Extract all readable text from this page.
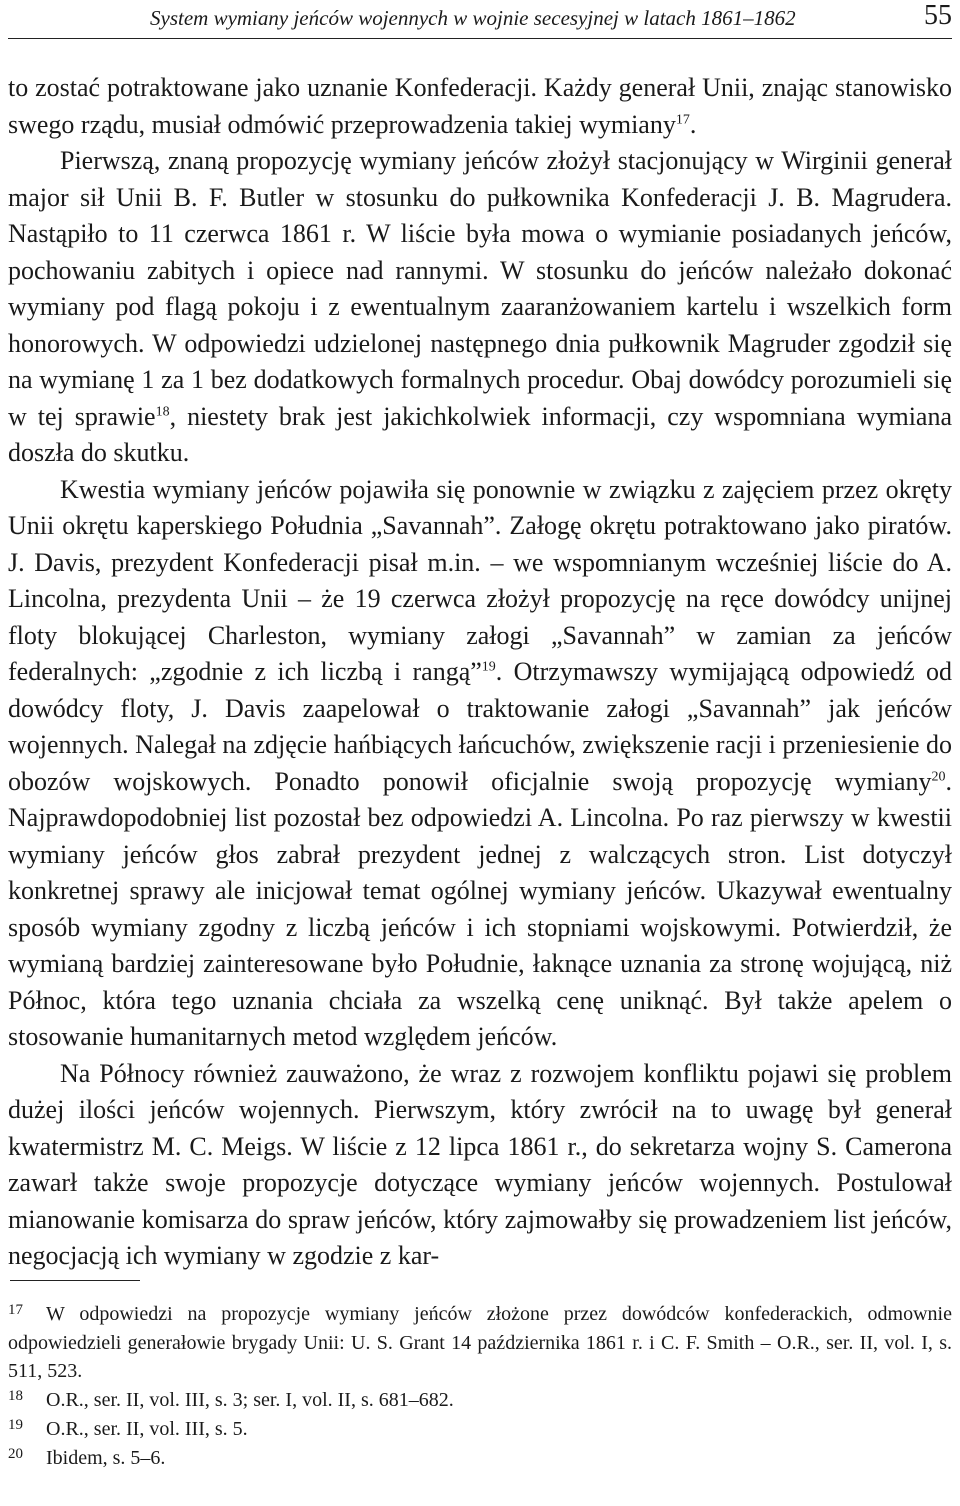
System wymiany jeńców wojennych w wojnie secesyjnej w latach 1861–1862	55

to zostać potraktowane jako uznanie Konfederacji. Każdy generał Unii, znając stanowisko swego rządu, musiał odmówić przeprowadzenia takiej wymiany$^{17}$.

Pierwszą, znaną propozycję wymiany jeńców złożył stacjonujący w Wirginii generał major sił Unii B. F. Butler w stosunku do pułkownika Konfederacji J. B. Magrudera. Nastąpiło to 11 czerwca 1861 r. W liście była mowa o wymianie posiadanych jeńców, pochowaniu zabitych i opiece nad rannymi. W stosunku do jeńców należało dokonać wymiany pod flagą pokoju i z ewentualnym zaaranżowaniem kartelu i wszelkich form honorowych. W odpowiedzi udzielonej następnego dnia pułkownik Magruder zgodził się na wymianę 1 za 1 bez dodatkowych formalnych procedur. Obaj dowódcy porozumieli się w tej sprawie$^{18}$, niestety brak jest jakichkolwiek informacji, czy wspomniana wymiana doszła do skutku.

Kwestia wymiany jeńców pojawiła się ponownie w związku z zajęciem przez okręty Unii okrętu kaperskiego Południa „Savannah”. Załogę okrętu potraktowano jako piratów. J. Davis, prezydent Konfederacji pisał m.in. – we wspomnianym wcześniej liście do A. Lincolna, prezydenta Unii – że 19 czerwca złożył propozycję na ręce dowódcy unijnej floty blokującej Charleston, wymiany załogi „Savannah” w zamian za jeńców federalnych: „zgodnie z ich liczbą i rangą”$^{19}$. Otrzymawszy wymijającą odpowiedź od dowódcy floty, J. Davis zaapelował o traktowanie załogi „Savannah” jak jeńców wojennych. Nalegał na zdjęcie hańbiących łańcuchów, zwiększenie racji i przeniesienie do obozów wojskowych. Ponadto ponowił oficjalnie swoją propozycję wymiany$^{20}$. Najprawdopodobniej list pozostał bez odpowiedzi A. Lincolna. Po raz pierwszy w kwestii wymiany jeńców głos zabrał prezydent jednej z walczących stron. List dotyczył konkretnej sprawy ale inicjował temat ogólnej wymiany jeńców. Ukazywał ewentualny sposób wymiany zgodny z liczbą jeńców i ich stopniami wojskowymi. Potwierdził, że wymianą bardziej zainteresowane było Południe, łaknące uznania za stronę wojującą, niż Północ, która tego uznania chciała za wszelką cenę uniknąć. Był także apelem o stosowanie humanitarnych metod względem jeńców.

Na Północy również zauważono, że wraz z rozwojem konfliktu pojawi się problem dużej ilości jeńców wojennych. Pierwszym, który zwrócił na to uwagę był generał kwatermistrz M. C. Meigs. W liście z 12 lipca 1861 r., do sekretarza wojny S. Camerona zawarł także swoje propozycje dotyczące wymiany jeńców wojennych. Postulował mianowanie komisarza do spraw jeńców, który zajmowałby się prowadzeniem list jeńców, negocjacją ich wymiany w zgodzie z kar-

17 W odpowiedzi na propozycje wymiany jeńców złożone przez dowódców konfederackich, odmownie odpowiedzieli generałowie brygady Unii: U. S. Grant 14 października 1861 r. i C. F. Smith – O.R., ser. II, vol. I, s. 511, 523.

18 O.R., ser. II, vol. III, s. 3; ser. I, vol. II, s. 681–682.

19 O.R., ser. II, vol. III, s. 5.

20 Ibidem, s. 5–6.
